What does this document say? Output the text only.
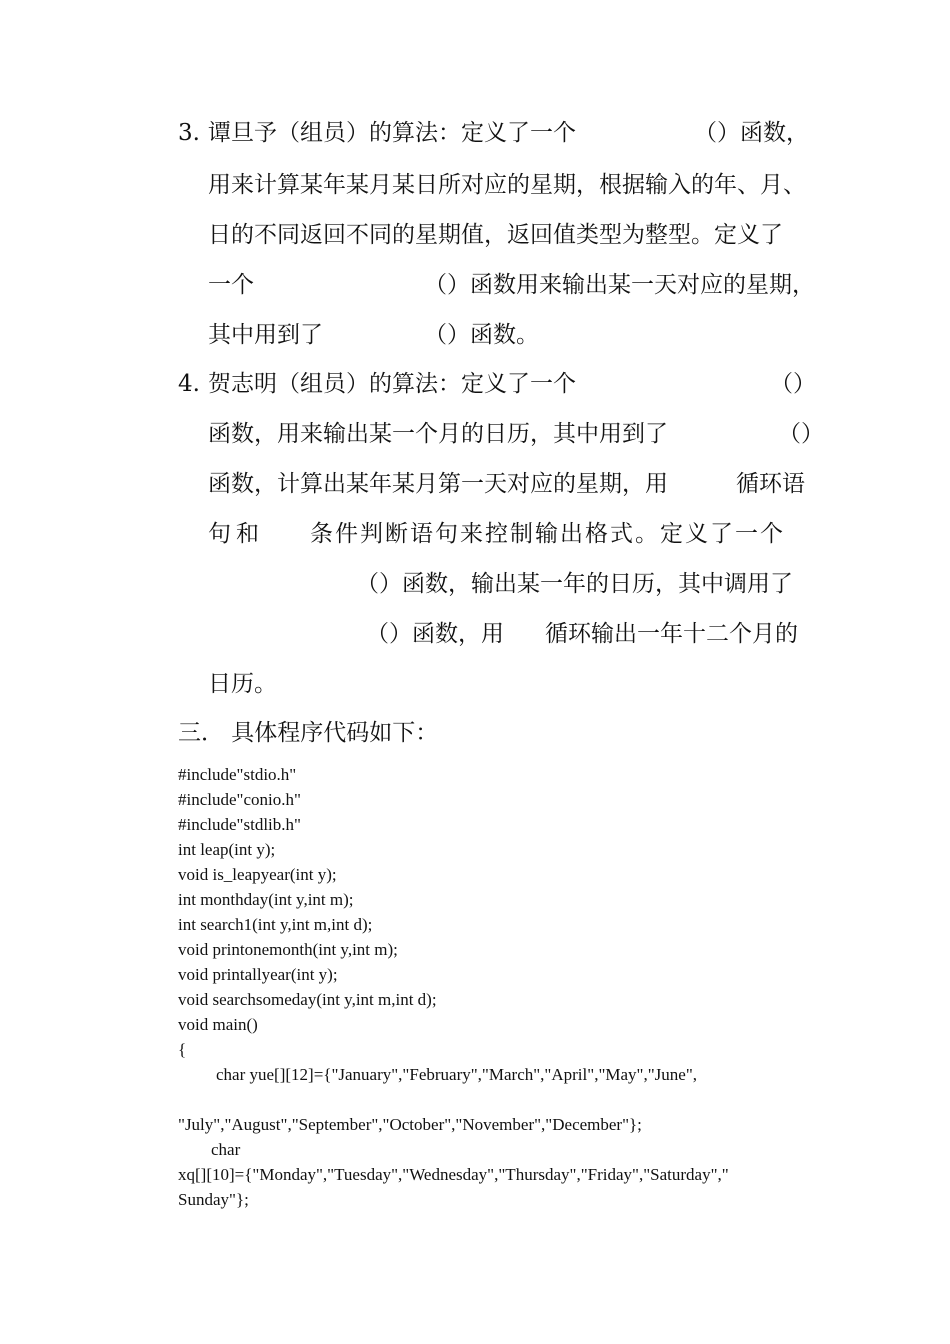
3. 谭旦予（组员）的算法：定义了一个	（）函数，
用来计算某年某月某日所对应的星期，根据输入的年、月、
日的不同返回不同的星期值，返回值类型为整型。定义了
一个	（）函数用来输出某一天对应的星期，
其中用到了	（）函数。
4. 贺志明（组员）的算法：定义了一个	（）
函数，用来输出某一个月的日历，其中用到了	（）
函数，计算出某年某月第一天对应的星期，用	循环语
句和 条件判断语句来控制输出格式。定义了一个
（）函数，输出某一年的日历，其中调用了
（）函数，用 循环输出一年十二个月的
日历。
三． 具体程序代码如下：
#include"stdio.h"
#include"conio.h"
#include"stdlib.h"
int leap(int y);
void is_leapyear(int y);
int monthday(int y,int m);
int search1(int y,int m,int d);
void printonemonth(int y,int m);
void printallyear(int y);
void searchsomeday(int y,int m,int d);
void main()
{
char yue[][12]={"January","February","March","April","May","June",
"July","August","September","October","November","December"};
char
xq[][10]={"Monday","Tuesday","Wednesday","Thursday","Friday","Saturday","
Sunday"};
